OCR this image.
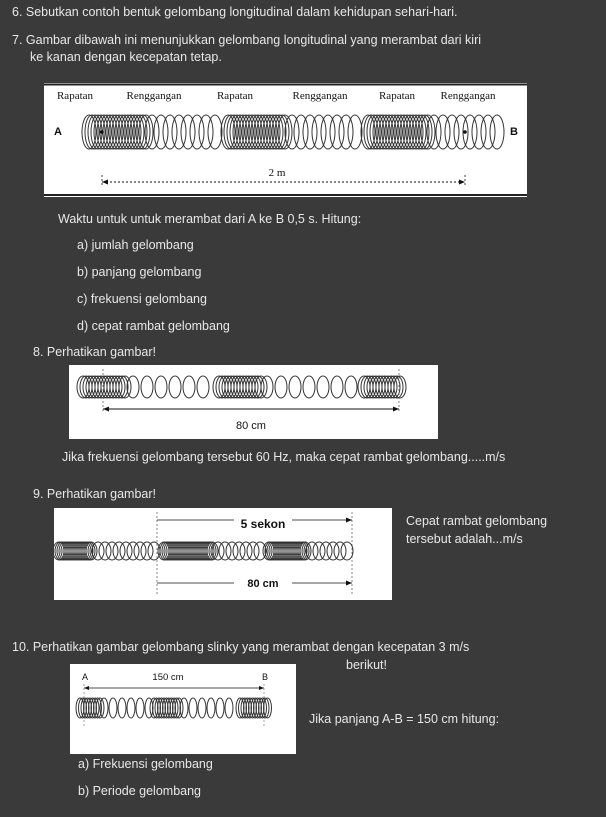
6. Sebutkan contoh bentuk gelombang longitudinal dalam kehidupan sehari-hari.
7. Gambar dibawah ini menunjukkan gelombang longitudinal yang merambat dari kiri
ke kanan dengan kecepatan tetap.
Rapatan	Renggangan	Rapatan	Renggangan	Rapatan Renggangan
A	B
2 m
Waktu untuk untuk merambat dari A ke B 0,5 s. Hitung:
a) jumlah gelombang
b) panjang gelombang
c) frekuensi gelombang
d) cepat rambat gelombang
8. Perhatikan gambar!
80 cm
Jika frekuensi gelombang tersebut 60 Hz, maka cepat rambat gelombang.....m/s
9. Perhatikan gambar!
5 sekon
80 cm
Cepat rambat gelombang
tersebut adalah...m/s
10. Perhatikan gambar gelombang slinky yang merambat dengan kecepatan 3 m/s
berikut!
A	B
150 cm
Jika panjang A-B = 150 cm hitung:
a) Frekuensi gelombang
b) Periode gelombang
